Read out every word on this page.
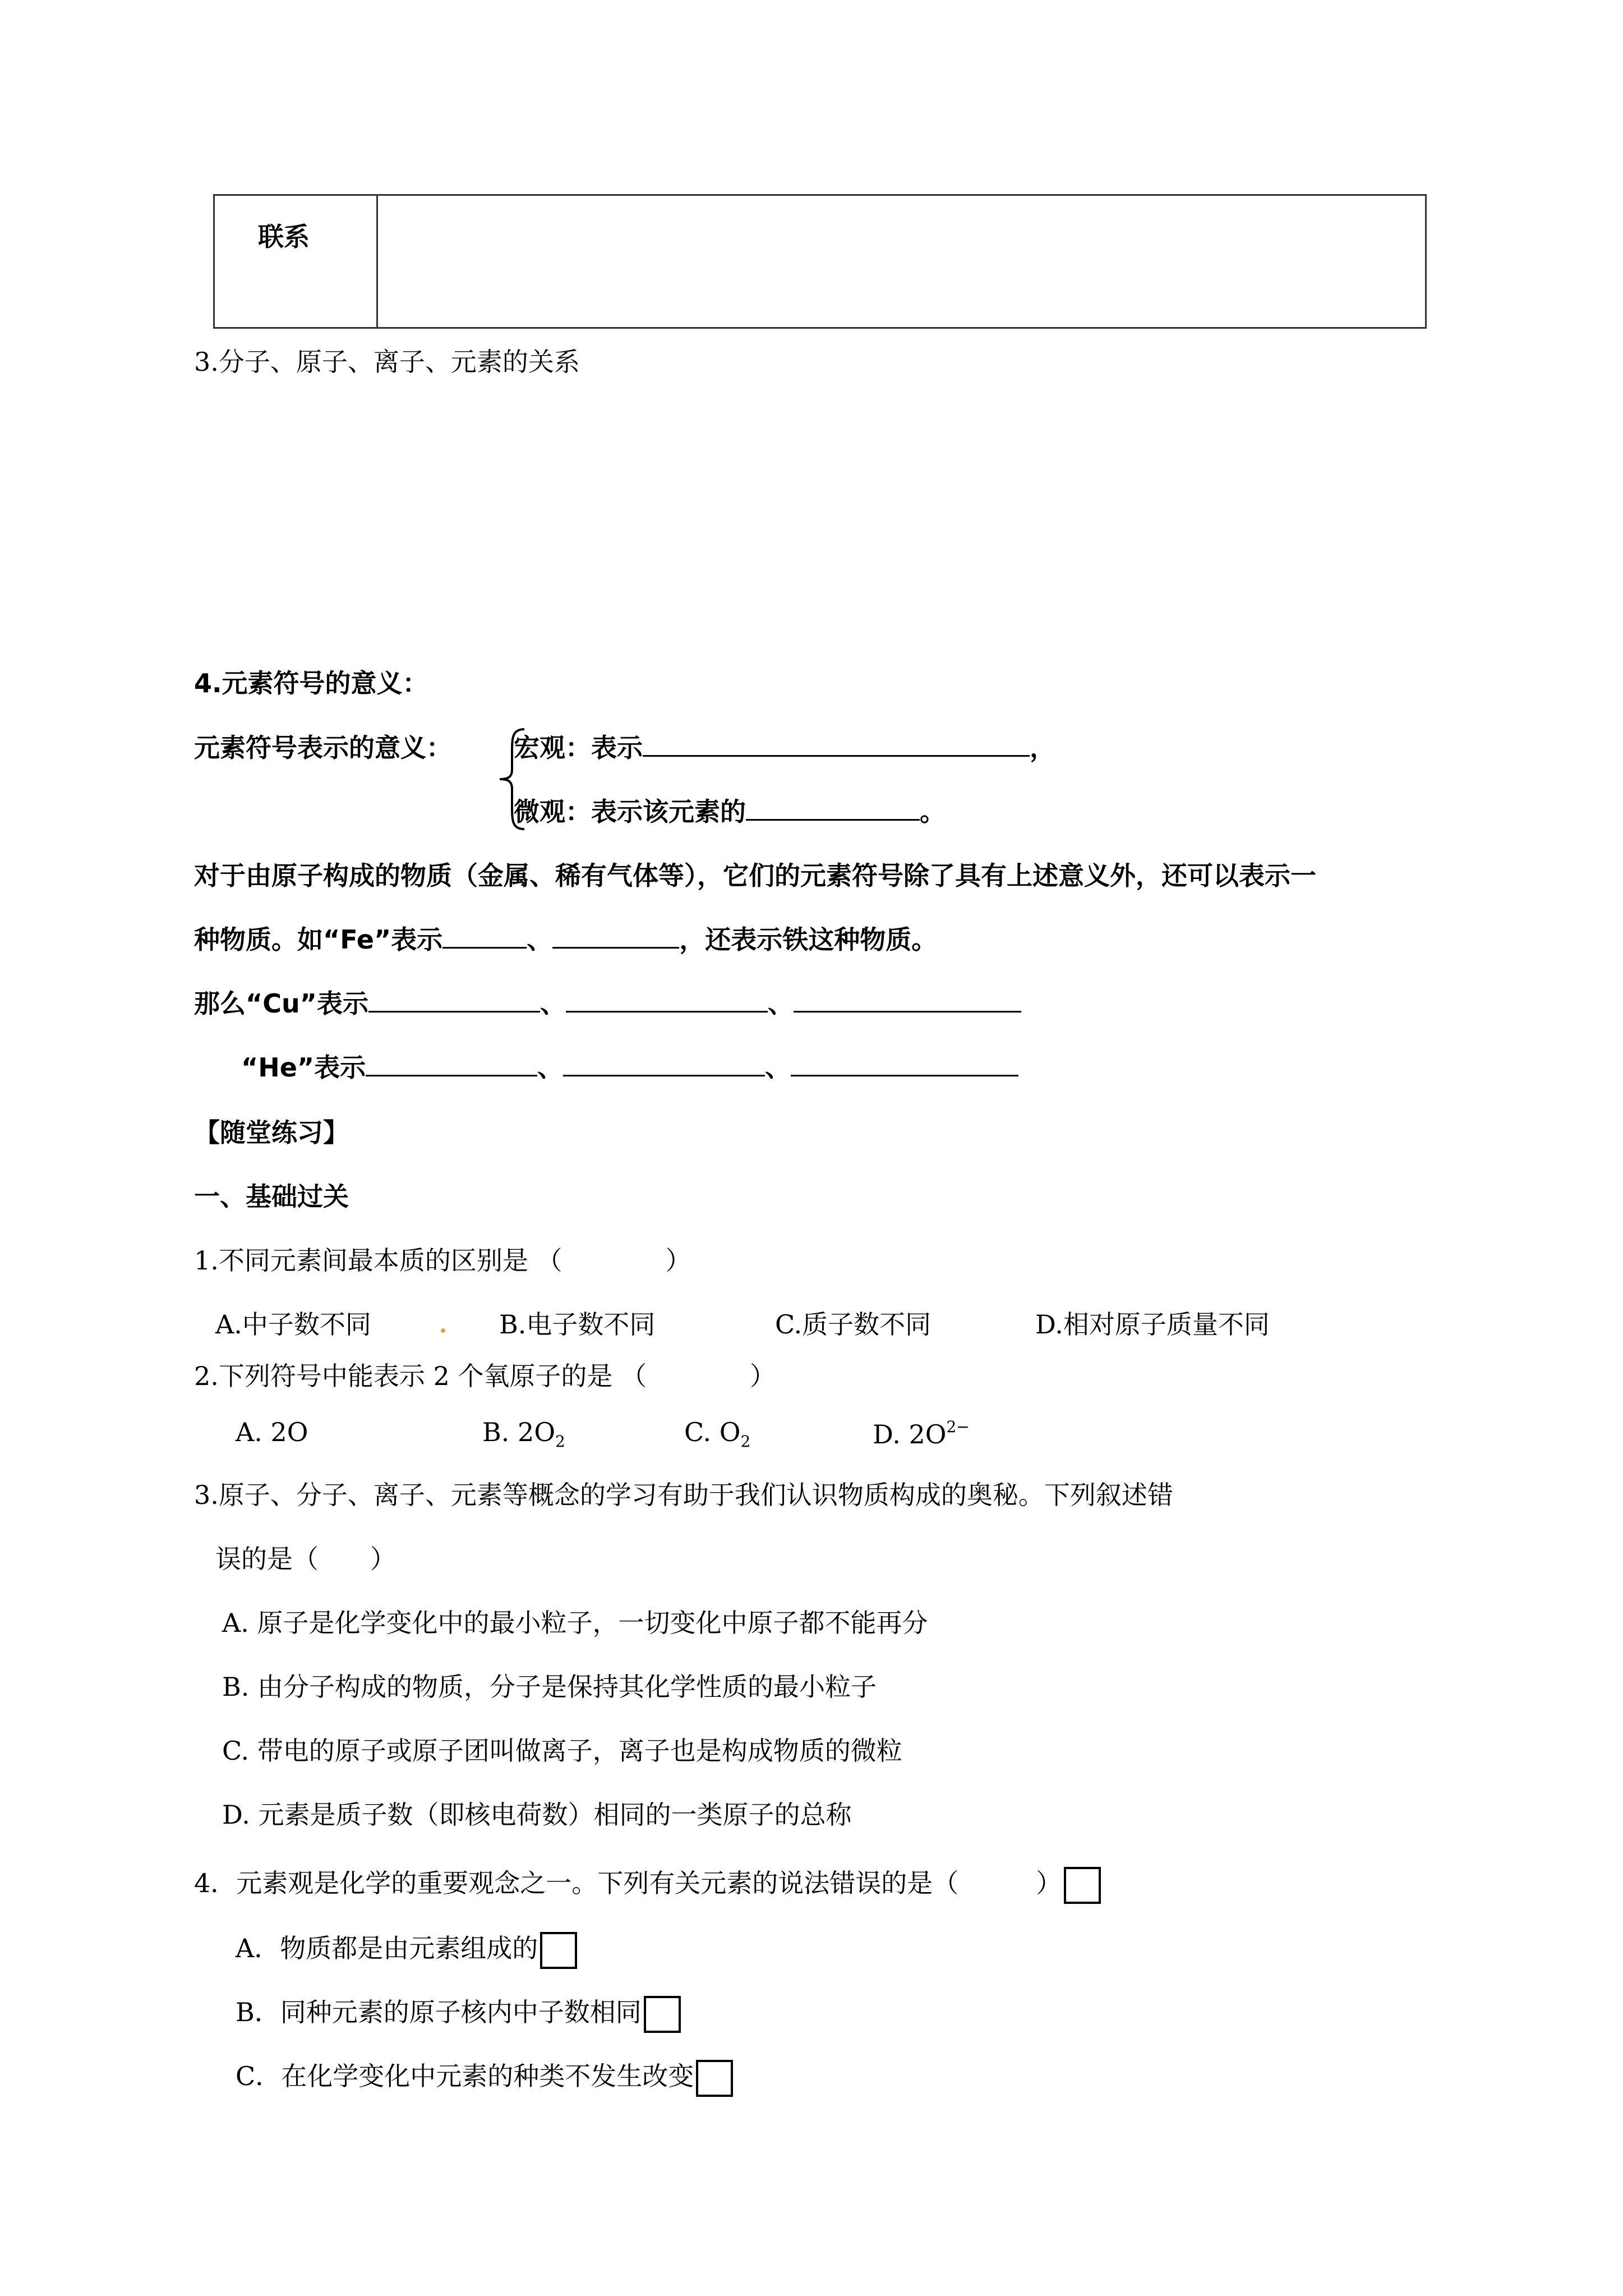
联系

3.分子、原子、离子、元素的关系
4.元素符号的意义：
元素符号表示的意义： 宏观：表示	，
微观：表示该元素的	。
对于由原子构成的物质（金属、稀有气体等），它们的元素符号除了具有上述意义外，还可以表示一
种物质。如“Fe”表示	、	，还表示铁这种物质。
那么“Cu”表示	、	、
“He”表示	、	、
【随堂练习】
一、基础过关
1.不同元素间最本质的区别是 （　　　　）
A.中子数不同	B.电子数不同	C.质子数不同	D.相对原子质量不同
2.下列符号中能表示 2 个氧原子的是 （　　　　）
A. 2O	B. $2O_2$	C. $O_2$	D. $2O^{2-}$
3.原子、分子、离子、元素等概念的学习有助于我们认识物质构成的奥秘。下列叙述错
误的是（　　）
A. 原子是化学变化中的最小粒子，一切变化中原子都不能再分
B. 由分子构成的物质，分子是保持其化学性质的最小粒子
C. 带电的原子或原子团叫做离子，离子也是构成物质的微粒
D. 元素是质子数（即核电荷数）相同的一类原子的总称
4．元素观是化学的重要观念之一。下列有关元素的说法错误的是（　　　）
A．物质都是由元素组成的
B．同种元素的原子核内中子数相同
C．在化学变化中元素的种类不发生改变
